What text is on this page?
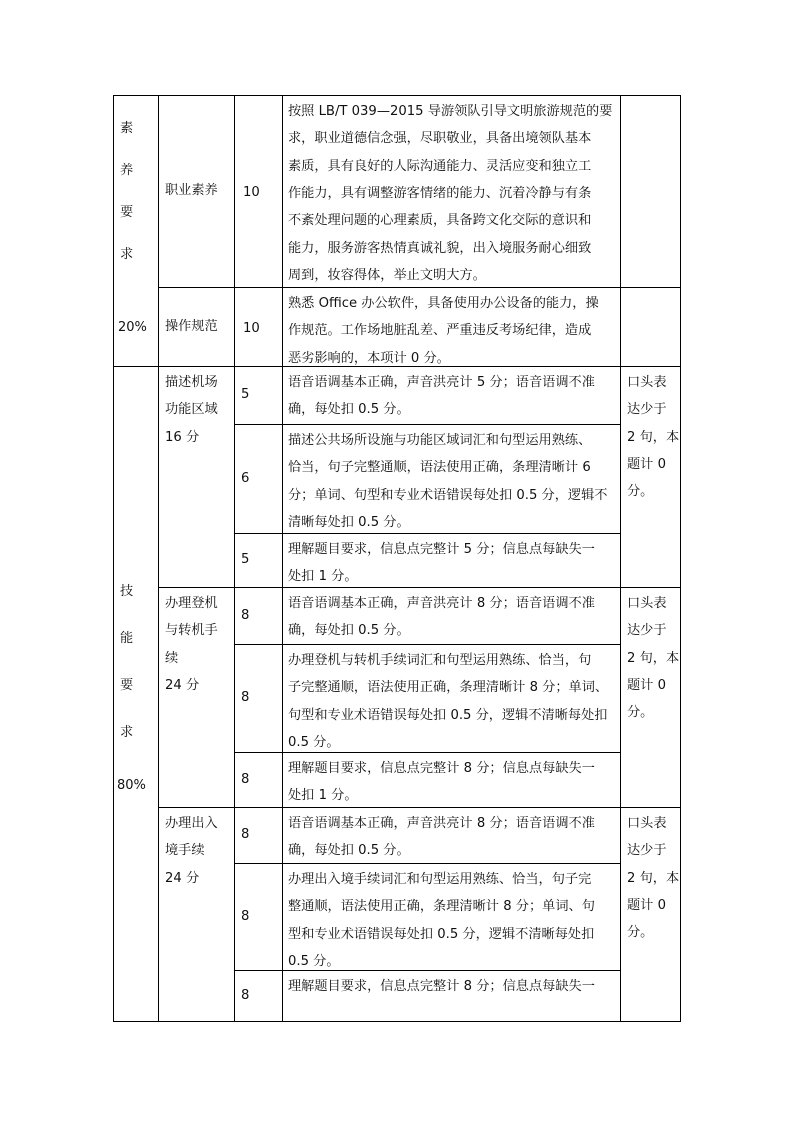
素
养
要
求
20%
职业素养 10
按照 LB/T 039—2015 导游领队引导文明旅游规范的要
求，职业道德信念强，尽职敬业，具备出境领队基本
素质，具有良好的人际沟通能力、灵活应变和独立工
作能力，具有调整游客情绪的能力、沉着冷静与有条
不紊处理问题的心理素质，具备跨文化交际的意识和
能力，服务游客热情真诚礼貌，出入境服务耐心细致
周到，妆容得体，举止文明大方。
操作规范 10
熟悉 Office 办公软件，具备使用办公设备的能力，操
作规范。工作场地脏乱差、严重违反考场纪律，造成
恶劣影响的，本项计 0 分。
技
能
要
求
80%
描述机场
功能区域
16 分
口头表
达少于
2 句，本
题计 0
分。
5
语音语调基本正确，声音洪亮计 5 分；语音语调不准
确，每处扣 0.5 分。
6
描述公共场所设施与功能区域词汇和句型运用熟练、
恰当，句子完整通顺，语法使用正确，条理清晰计 6
分；单词、句型和专业术语错误每处扣 0.5 分，逻辑不
清晰每处扣 0.5 分。
5
理解题目要求，信息点完整计 5 分；信息点每缺失一
处扣 1 分。
办理登机
与转机手
续
24 分
口头表
达少于
2 句，本
题计 0
分。
8
语音语调基本正确，声音洪亮计 8 分；语音语调不准
确，每处扣 0.5 分。
8
办理登机与转机手续词汇和句型运用熟练、恰当，句
子完整通顺，语法使用正确，条理清晰计 8 分；单词、
句型和专业术语错误每处扣 0.5 分，逻辑不清晰每处扣
0.5 分。
8
理解题目要求，信息点完整计 8 分；信息点每缺失一
处扣 1 分。
办理出入
境手续
24 分
口头表
达少于
2 句，本
题计 0
分。
8
语音语调基本正确，声音洪亮计 8 分；语音语调不准
确，每处扣 0.5 分。
8
办理出入境手续词汇和句型运用熟练、恰当，句子完
整通顺，语法使用正确，条理清晰计 8 分；单词、句
型和专业术语错误每处扣 0.5 分，逻辑不清晰每处扣
0.5 分。
8
理解题目要求，信息点完整计 8 分；信息点每缺失一
